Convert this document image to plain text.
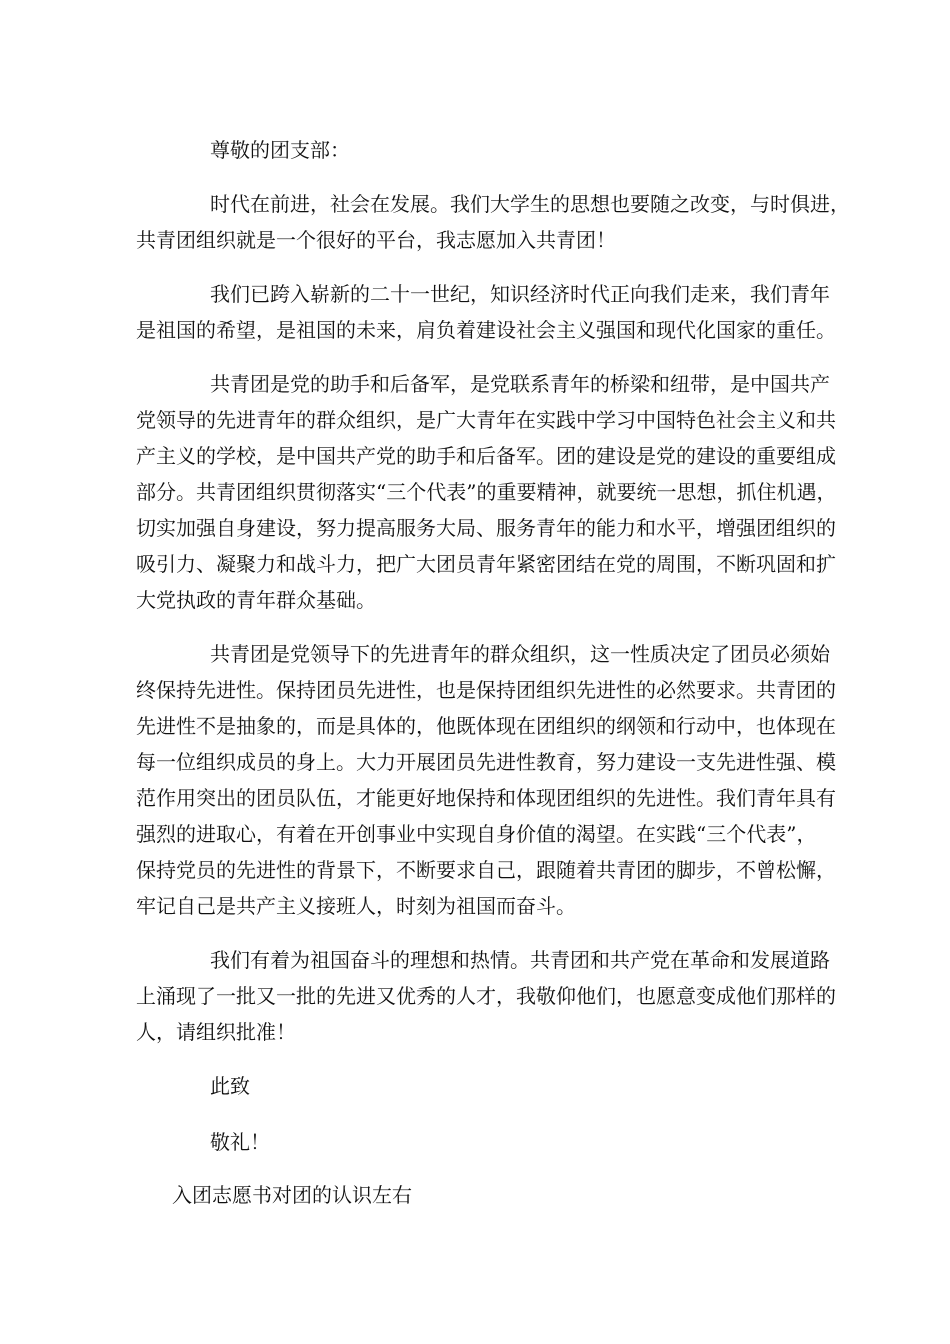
尊敬的团支部：
时代在前进，社会在发展。我们大学生的思想也要随之改变，与时俱进，
共青团组织就是一个很好的平台，我志愿加入共青团！
我们已跨入崭新的二十一世纪，知识经济时代正向我们走来，我们青年
是祖国的希望，是祖国的未来，肩负着建设社会主义强国和现代化国家的重任。
共青团是党的助手和后备军，是党联系青年的桥梁和纽带，是中国共产
党领导的先进青年的群众组织，是广大青年在实践中学习中国特色社会主义和共
产主义的学校，是中国共产党的助手和后备军。团的建设是党的建设的重要组成
部分。共青团组织贯彻落实“三个代表”的重要精神，就要统一思想，抓住机遇，
切实加强自身建设，努力提高服务大局、服务青年的能力和水平，增强团组织的
吸引力、凝聚力和战斗力，把广大团员青年紧密团结在党的周围，不断巩固和扩
大党执政的青年群众基础。
共青团是党领导下的先进青年的群众组织，这一性质决定了团员必须始
终保持先进性。保持团员先进性，也是保持团组织先进性的必然要求。共青团的
先进性不是抽象的，而是具体的，他既体现在团组织的纲领和行动中，也体现在
每一位组织成员的身上。大力开展团员先进性教育，努力建设一支先进性强、模
范作用突出的团员队伍，才能更好地保持和体现团组织的先进性。我们青年具有
强烈的进取心，有着在开创事业中实现自身价值的渴望。在实践“三个代表”，
保持党员的先进性的背景下，不断要求自己，跟随着共青团的脚步，不曾松懈，
牢记自己是共产主义接班人，时刻为祖国而奋斗。
我们有着为祖国奋斗的理想和热情。共青团和共产党在革命和发展道路
上涌现了一批又一批的先进又优秀的人才，我敬仰他们，也愿意变成他们那样的
人，请组织批准！
此致
敬礼！
入团志愿书对团的认识左右
